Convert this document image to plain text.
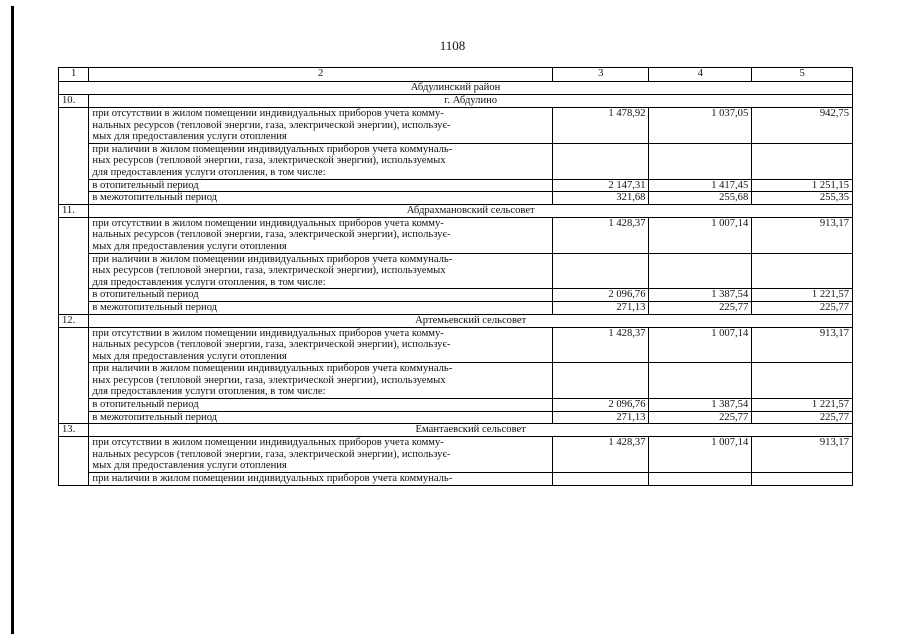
1108
1	2	3	4	5
Абдулинский район				
10.	г. Абдулино			

	при отсутствии в жилом помещении индивидуальных приборов учета комму-
нальных ресурсов (тепловой энергии, газа, электрической энергии), использує-
мых для предоставления услуги отопления	1 478,92	1 037,05	942,75

	при наличии в жилом помещении индивидуальных приборов учета коммуналь-
ных ресурсов (тепловой энергии, газа, электрической энергии), используемых
для предоставления услуги отопления, в том числе:			

	в отопительный период	2 147,31	1 417,45	1 251,15
	в межотопительный период	321,68	255,68	255,35
11.	Абдрахмановский сельсовет			

	при отсутствии в жилом помещении индивидуальных приборов учета комму-
нальных ресурсов (тепловой энергии, газа, электрической энергии), использує-
мых для предоставления услуги отопления	1 428,37	1 007,14	913,17

	при наличии в жилом помещении индивидуальных приборов учета коммуналь-
ных ресурсов (тепловой энергии, газа, электрической энергии), используемых
для предоставления услуги отопления, в том числе:			

	в отопительный период	2 096,76	1 387,54	1 221,57
	в межотопительный период	271,13	225,77	225,77
12.	Артемьевский сельсовет			

	при отсутствии в жилом помещении индивидуальных приборов учета комму-
нальных ресурсов (тепловой энергии, газа, электрической энергии), использує-
мых для предоставления услуги отопления	1 428,37	1 007,14	913,17

	при наличии в жилом помещении индивидуальных приборов учета коммуналь-
ных ресурсов (тепловой энергии, газа, электрической энергии), используемых
для предоставления услуги отопления, в том числе:			

	в отопительный период	2 096,76	1 387,54	1 221,57
	в межотопительный период	271,13	225,77	225,77
13.	Емантаевский сельсовет			

	при отсутствии в жилом помещении индивидуальных приборов учета комму-
нальных ресурсов (тепловой энергии, газа, электрической энергии), использує-
мых для предоставления услуги отопления	1 428,37	1 007,14	913,17

	при наличии в жилом помещении индивидуальных приборов учета коммуналь-			
